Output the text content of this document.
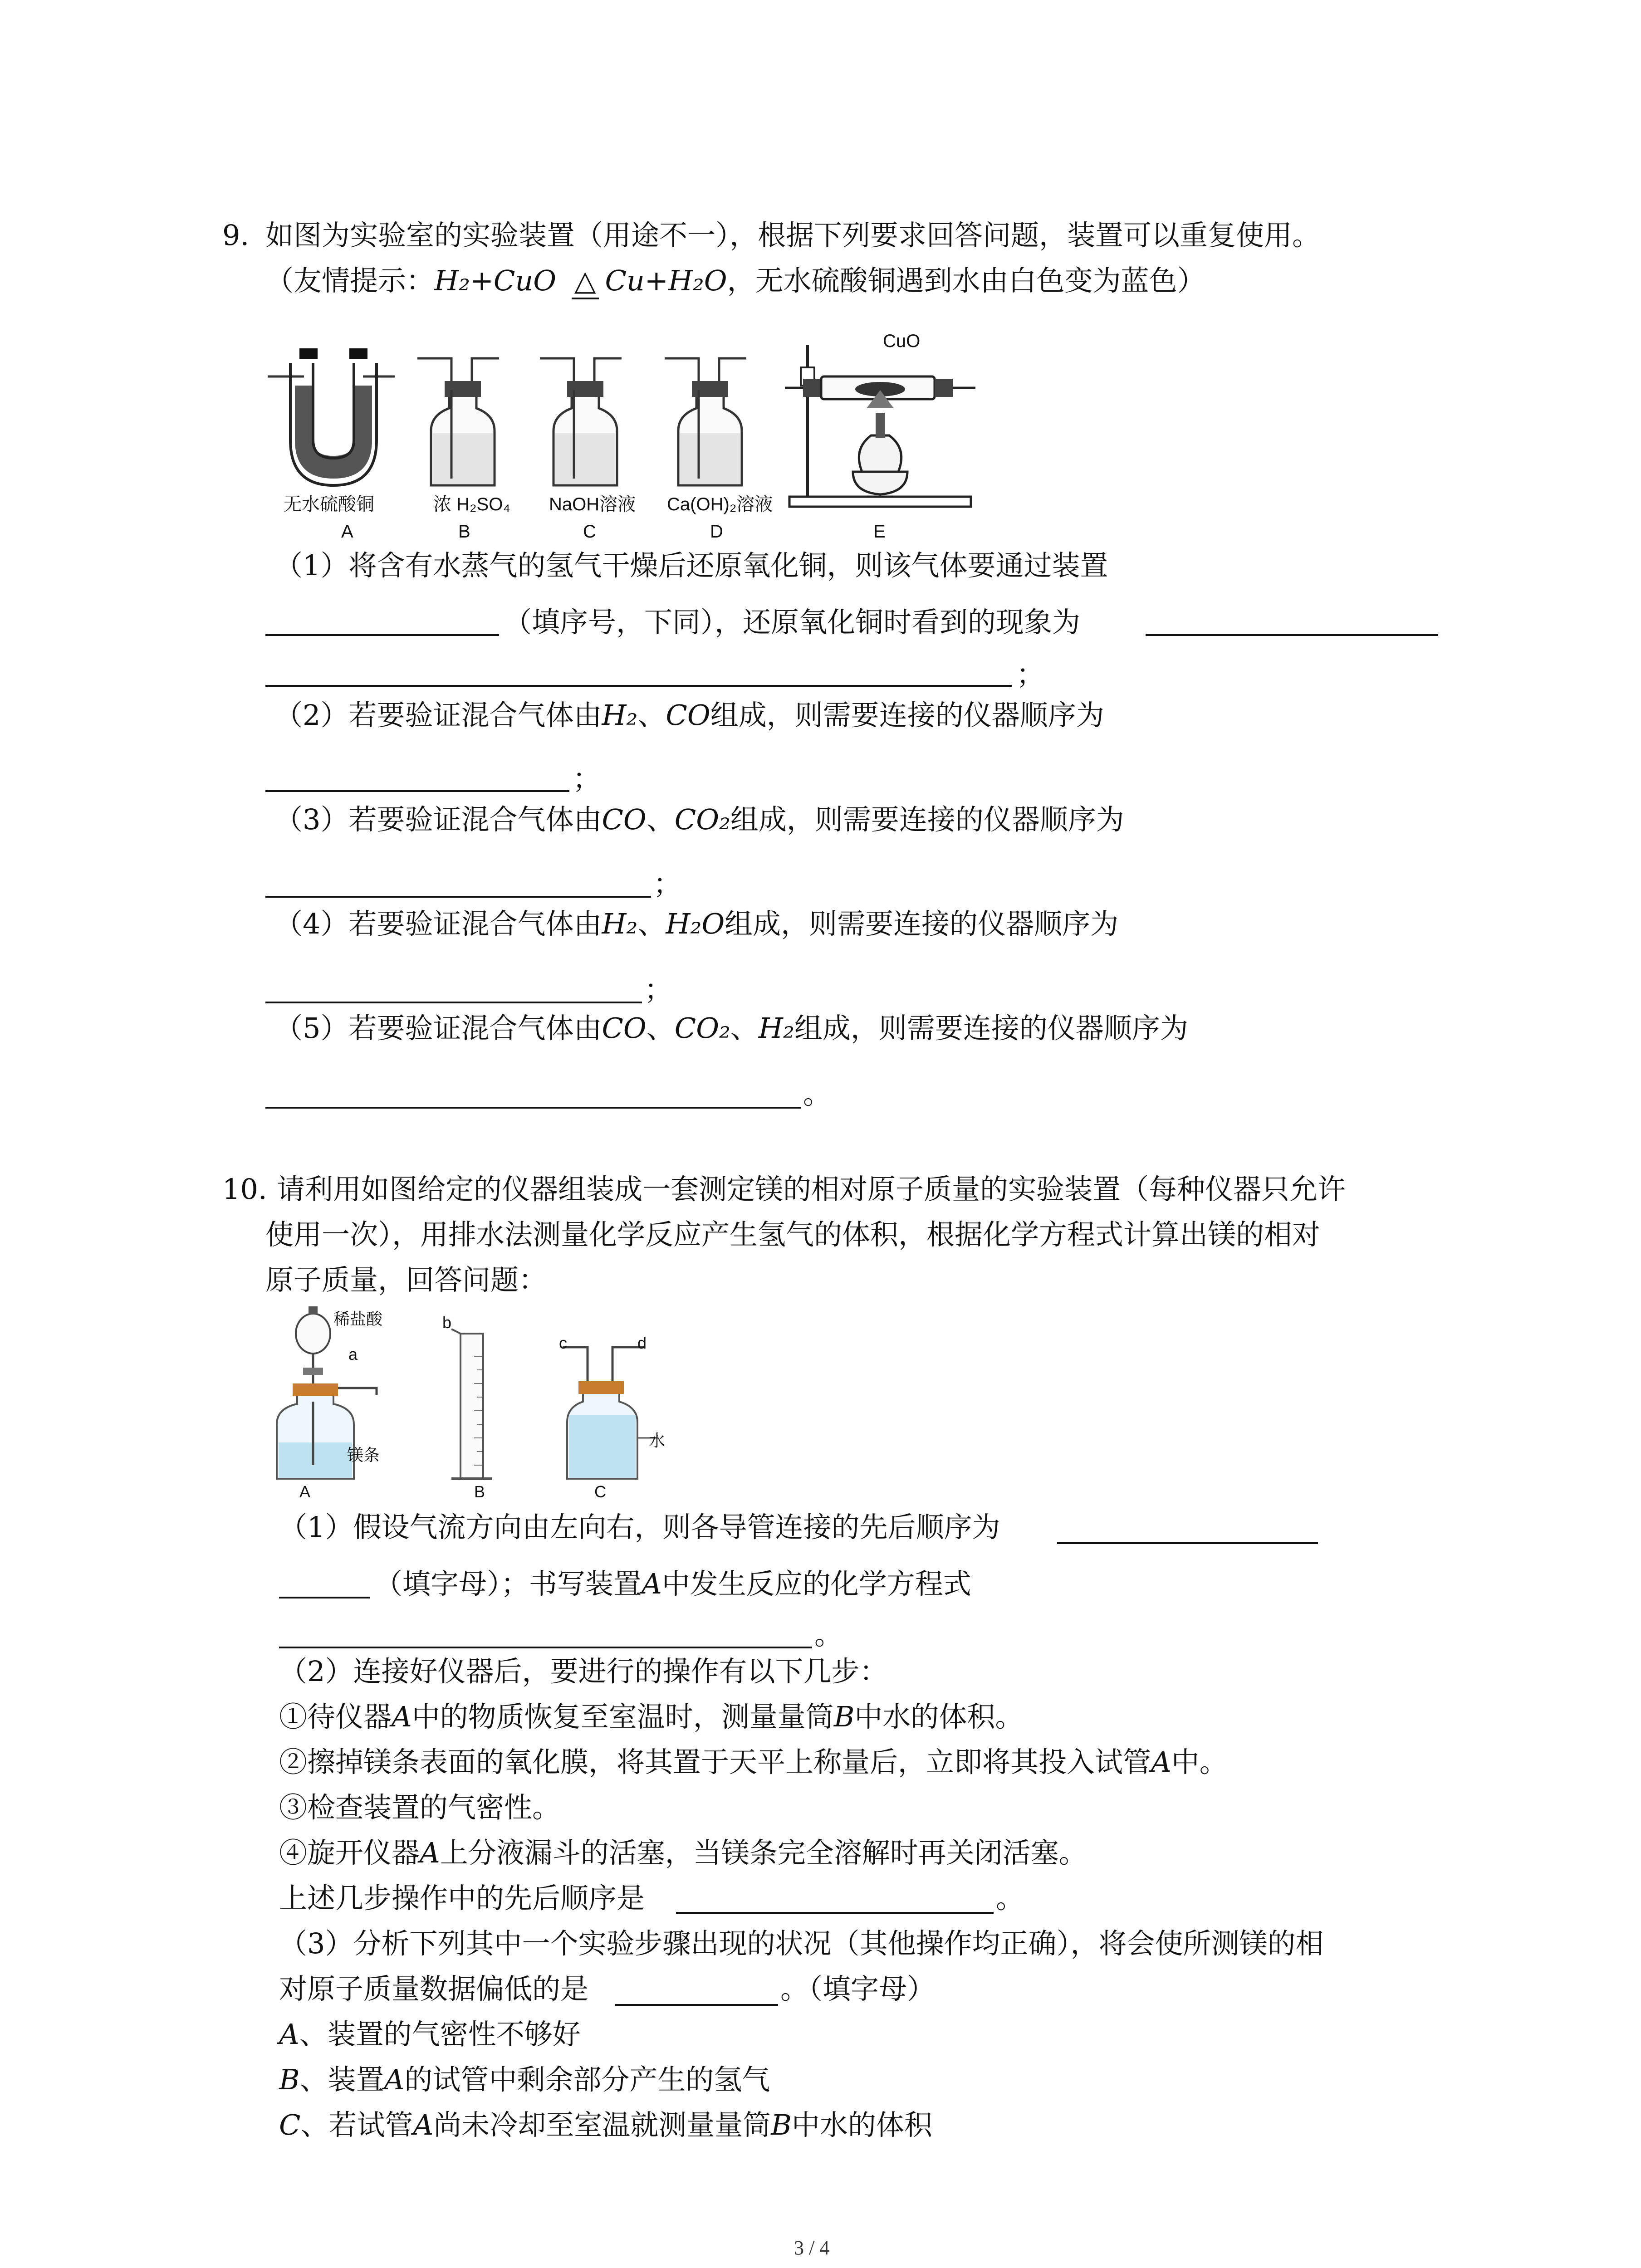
9. 如图为实验室的实验装置（用途不一），根据下列要求回答问题，装置可以重复使用。
（友情提示：H₂+CuO △ Cu+H₂O，无水硫酸铜遇到水由白色变为蓝色）
CuO
无水硫酸铜	浓 H₂SO₄ NaOH溶液 Ca(OH)₂溶液
A	B	C	D	E
（1）将含有水蒸气的氢气干燥后还原氧化铜，则该气体要通过装置
（填序号，下同），还原氧化铜时看到的现象为
；
（2）若要验证混合气体由H₂、CO组成，则需要连接的仪器顺序为
；
（3）若要验证混合气体由CO、CO₂组成，则需要连接的仪器顺序为
；
（4）若要验证混合气体由H₂、H₂O组成，则需要连接的仪器顺序为
；
（5）若要验证混合气体由CO、CO₂、H₂组成，则需要连接的仪器顺序为
。
10. 请利用如图给定的仪器组装成一套测定镁的相对原子质量的实验装置（每种仪器只允许
使用一次），用排水法测量化学反应产生氢气的体积，根据化学方程式计算出镁的相对
原子质量，回答问题：
稀盐酸
a
镁条
b
c	d
水
A	B	C
（1）假设气流方向由左向右，则各导管连接的先后顺序为
（填字母）；书写装置A中发生反应的化学方程式
。
（2）连接好仪器后，要进行的操作有以下几步：
①待仪器A中的物质恢复至室温时，测量量筒B中水的体积。
②擦掉镁条表面的氧化膜，将其置于天平上称量后，立即将其投入试管A中。
③检查装置的气密性。
④旋开仪器A上分液漏斗的活塞，当镁条完全溶解时再关闭活塞。
上述几步操作中的先后顺序是	。
（3）分析下列其中一个实验步骤出现的状况（其他操作均正确），将会使所测镁的相
对原子质量数据偏低的是	。（填字母）
A、装置的气密性不够好
B、装置A的试管中剩余部分产生的氢气
C、若试管A尚未冷却至室温就测量量筒B中水的体积
3 / 4
